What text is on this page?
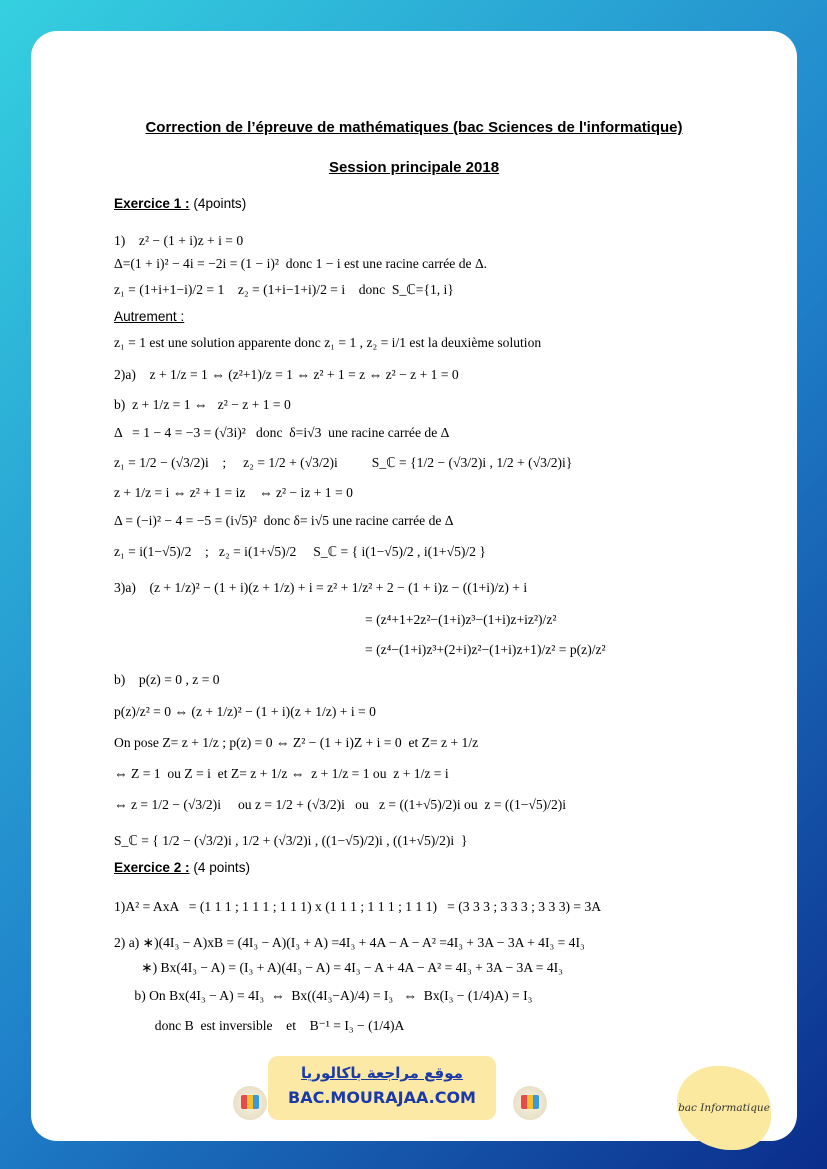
Correction de l’épreuve de mathématiques (bac Sciences de l'informatique)
Session principale 2018
Exercice 1 : (4points)
1)    z² − (1 + i)z + i = 0
Δ=(1 + i)² − 4i = −2i = (1 − i)²  donc 1 − i est une racine carrée de Δ.
z₁ = (1+i+1−i)/2 = 1    z₂ = (1+i−1+i)/2 = i    donc  S_ℂ={1, i}
Autrement :
z₁ = 1 est une solution apparente donc z₁ = 1 , z₂ = i/1 est la deuxième solution
2)a)    z + 1/z = 1 ⇔ (z²+1)/z = 1 ⇔ z² + 1 = z ⇔ z² − z + 1 = 0
b)  z + 1/z = 1 ⇔   z² − z + 1 = 0
Δ   = 1 − 4 = −3 = (√3i)²   donc  δ=i√3  une racine carrée de Δ
z₁ = 1/2 − (√3/2)i    ;     z₂ = 1/2 + (√3/2)i          S_ℂ = {1/2 − (√3/2)i , 1/2 + (√3/2)i}
z + 1/z = i ⇔ z² + 1 = iz    ⇔ z² − iz + 1 = 0
Δ = (−i)² − 4 = −5 = (i√5)²  donc δ= i√5 une racine carrée de Δ
z₁ = i(1−√5)/2    ;   z₂ = i(1+√5)/2     S_ℂ = { i(1−√5)/2 , i(1+√5)/2 }
3)a)    (z + 1/z)² − (1 + i)(z + 1/z) + i = z² + 1/z² + 2 − (1 + i)z − ((1+i)/z) + i
= (z⁴+1+2z²−(1+i)z³−(1+i)z+iz²)/z²
= (z⁴−(1+i)z³+(2+i)z²−(1+i)z+1)/z² = p(z)/z²
b)    p(z) = 0 , z = 0
p(z)/z² = 0 ⇔ (z + 1/z)² − (1 + i)(z + 1/z) + i = 0
On pose Z= z + 1/z ; p(z) = 0 ⇔ Z² − (1 + i)Z + i = 0  et Z= z + 1/z
⇔ Z = 1  ou Z = i  et Z= z + 1/z ⇔  z + 1/z = 1 ou  z + 1/z = i
⇔ z = 1/2 − (√3/2)i     ou z = 1/2 + (√3/2)i   ou   z = ((1+√5)/2)i ou  z = ((1−√5)/2)i
S_ℂ = { 1/2 − (√3/2)i , 1/2 + (√3/2)i , ((1−√5)/2)i , ((1+√5)/2)i  }
Exercice 2 : (4 points)
1)A² = AxA   = (1 1 1 ; 1 1 1 ; 1 1 1) x (1 1 1 ; 1 1 1 ; 1 1 1)   = (3 3 3 ; 3 3 3 ; 3 3 3) = 3A
2) a) ∗)(4I₃ − A)xB = (4I₃ − A)(I₃ + A) =4I₃ + 4A − A − A² =4I₃ + 3A − 3A + 4I₃ = 4I₃
∗) Bx(4I₃ − A) = (I₃ + A)(4I₃ − A) = 4I₃ − A + 4A − A² = 4I₃ + 3A − 3A = 4I₃
b) On Bx(4I₃ − A) = 4I₃  ⇔  Bx((4I₃−A)/4) = I₃   ⇔  Bx(I₃ − (1/4)A) = I₃
donc B  est inversible    et    B⁻¹ = I₃ − (1/4)A
موقع مراجعة باكالوريا
BAC.MOURAJAA.COM
bac Informatique
